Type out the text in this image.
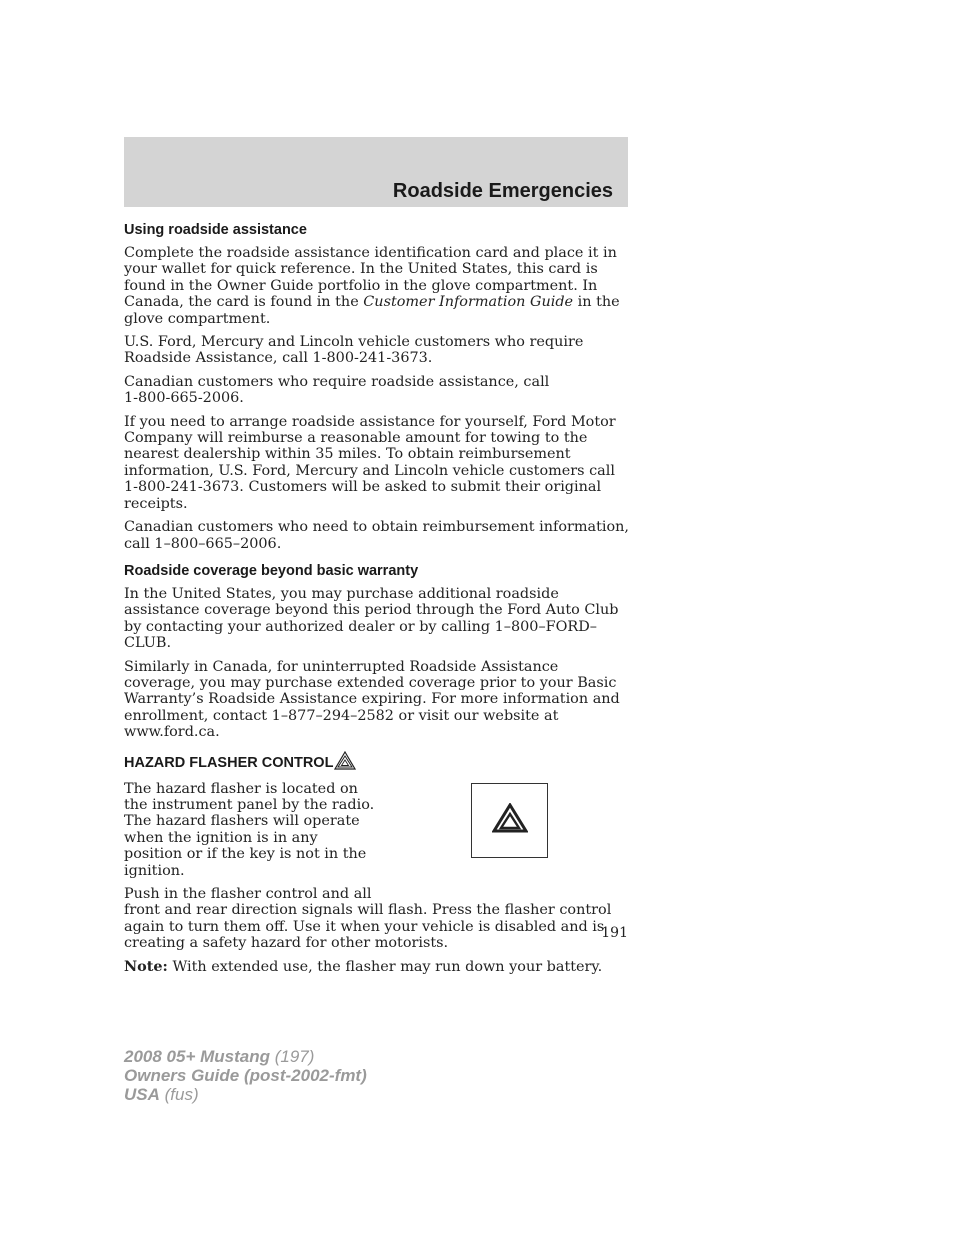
Roadside Emergencies
Using roadside assistance

Complete the roadside assistance identification card and place it in your wallet for quick reference. In the United States, this card is found in the Owner Guide portfolio in the glove compartment. In Canada, the card is found in the Customer Information Guide in the glove compartment.

U.S. Ford, Mercury and Lincoln vehicle customers who require Roadside Assistance, call 1-800-241-3673.

Canadian customers who require roadside assistance, call
1-800-665-2006.

If you need to arrange roadside assistance for yourself, Ford Motor Company will reimburse a reasonable amount for towing to the nearest dealership within 35 miles. To obtain reimbursement information, U.S. Ford, Mercury and Lincoln vehicle customers call 1-800-241-3673. Customers will be asked to submit their original receipts.

Canadian customers who need to obtain reimbursement information, call 1–800–665–2006.

Roadside coverage beyond basic warranty

In the United States, you may purchase additional roadside assistance coverage beyond this period through the Ford Auto Club by contacting your authorized dealer or by calling 1–800–FORD–CLUB.

Similarly in Canada, for uninterrupted Roadside Assistance coverage, you may purchase extended coverage prior to your Basic Warranty’s Roadside Assistance expiring. For more information and enrollment, contact 1–877–294–2582 or visit our website at www.ford.ca.

HAZARD FLASHER CONTROL

The hazard flasher is located on the instrument panel by the radio. The hazard flashers will operate when the ignition is in any position or if the key is not in the ignition.

Push in the flasher control and all
front and rear direction signals will flash. Press the flasher control again to turn them off. Use it when your vehicle is disabled and is creating a safety hazard for other motorists.

Note: With extended use, the flasher may run down your battery.

191
2008 05+ Mustang (197)
Owners Guide (post-2002-fmt)
USA (fus)
